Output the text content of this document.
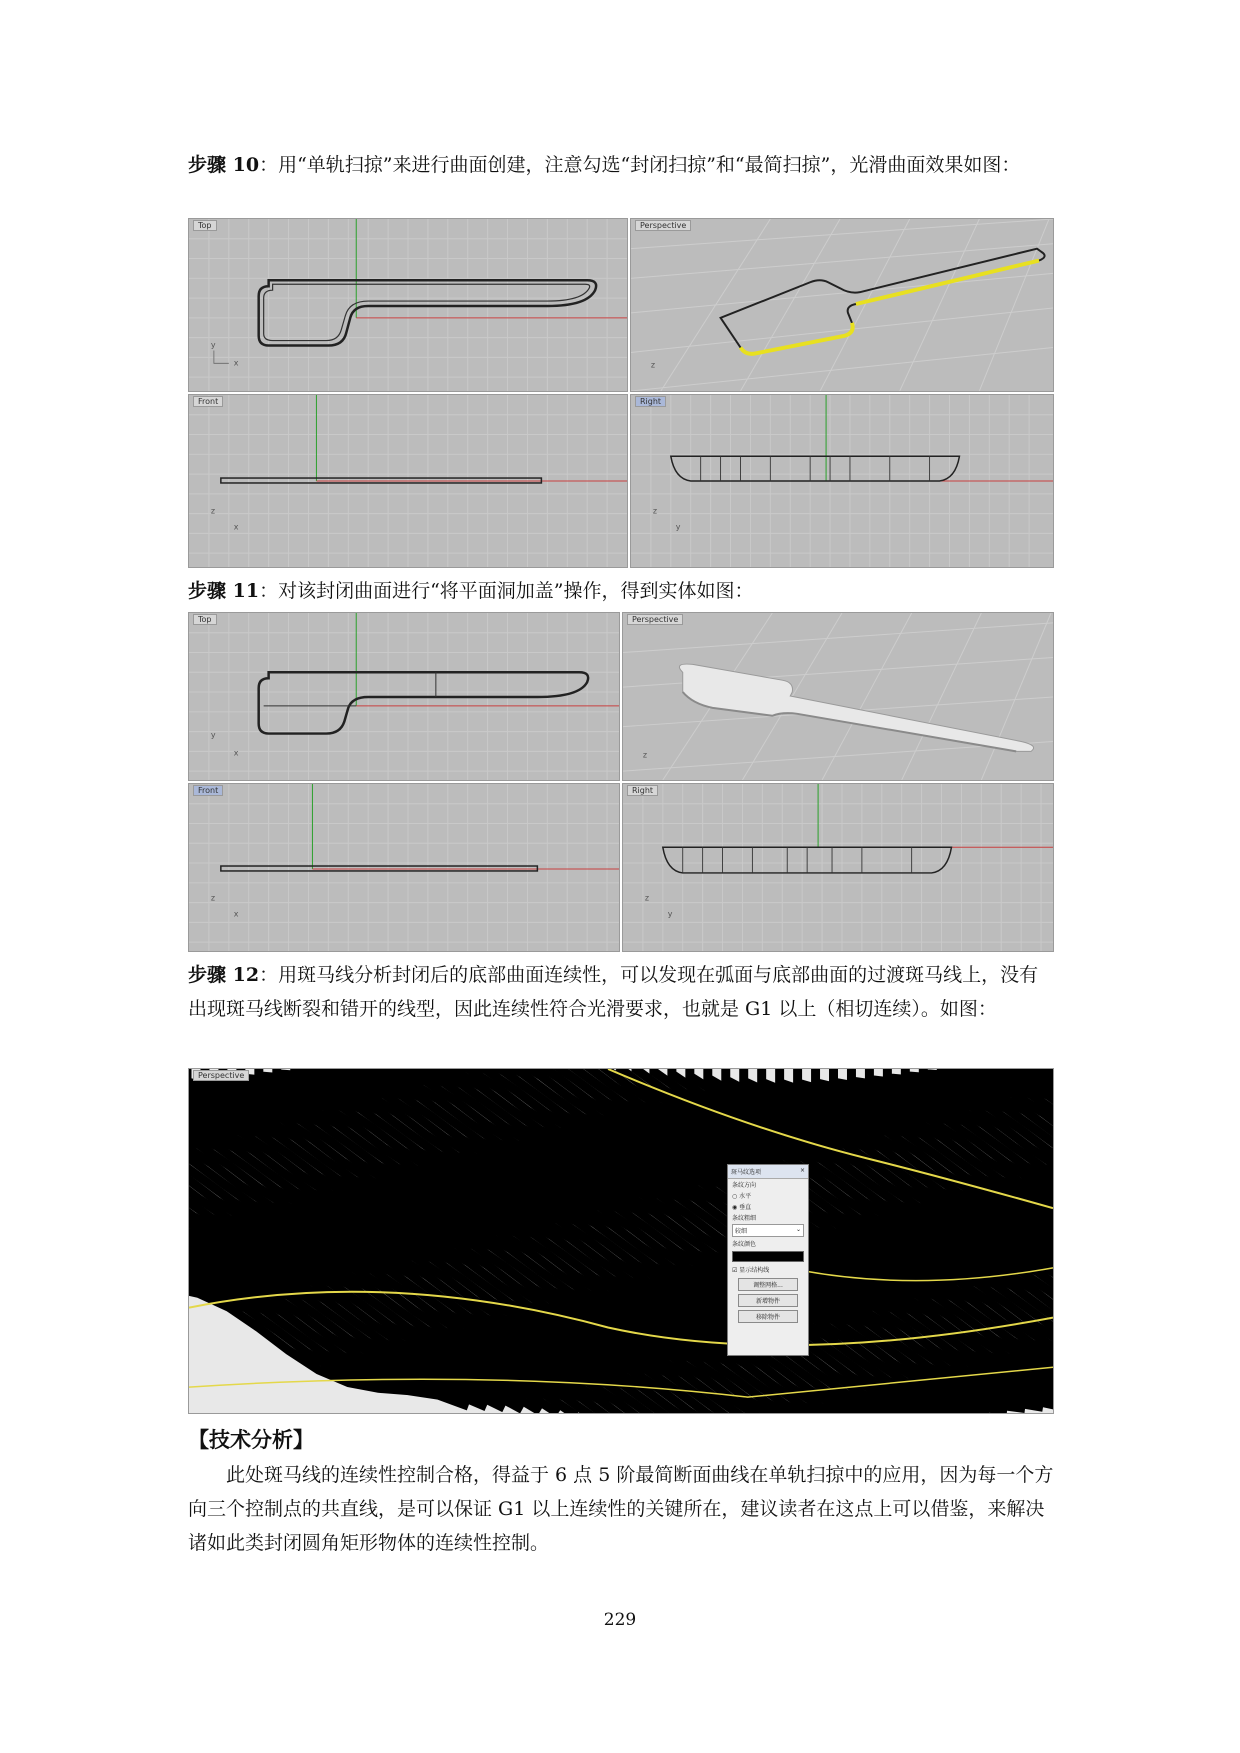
步骤 10：用“单轨扫掠”来进行曲面创建，注意勾选“封闭扫掠”和“最简扫掠”，光滑曲面效果如图：

Top
y
x
Perspective
z
Front
z
x
Right
z
y

步骤 11：对该封闭曲面进行“将平面洞加盖”操作，得到实体如图：

Top
y
x
Perspective
z
Front
z
x
Right
z
y

步骤 12：用斑马线分析封闭后的底部曲面连续性，可以发现在弧面与底部曲面的过渡斑马线上，没有出现斑马线断裂和错开的线型，因此连续性符合光滑要求，也就是 G1 以上（相切连续）。如图：

Perspective
斑马纹选项	×
条纹方向
○ 水平
◉ 垂直
条纹粗细
较细	⌄
条纹颜色
☑ 显示结构线
调整网格...
新增物件
移除物件
【技术分析】

此处斑马线的连续性控制合格，得益于 6 点 5 阶最简断面曲线在单轨扫掠中的应用，因为每一个方向三个控制点的共直线，是可以保证 G1 以上连续性的关键所在，建议读者在这点上可以借鉴，来解决诸如此类封闭圆角矩形物体的连续性控制。

229
